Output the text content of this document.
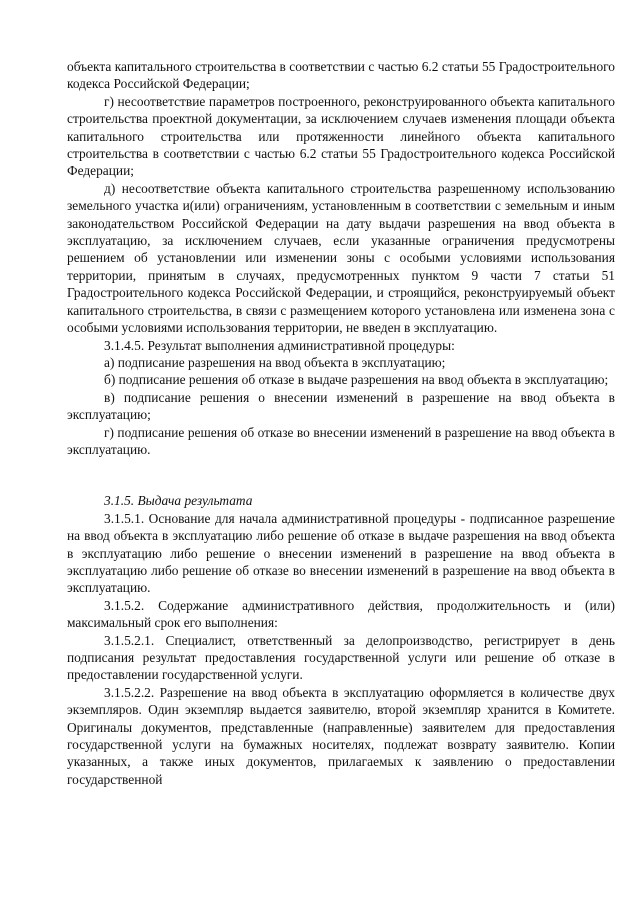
объекта капитального строительства в соответствии с частью 6.2 статьи 55 Градостроительного кодекса Российской Федерации;

г) несоответствие параметров построенного, реконструированного объекта капитального строительства проектной документации, за исключением случаев изменения площади объекта капитального строительства или протяженности линейного объекта капитального строительства в соответствии с частью 6.2 статьи 55 Градостроительного кодекса Российской Федерации;

д) несоответствие объекта капитального строительства разрешенному использованию земельного участка и(или) ограничениям, установленным в соответствии с земельным и иным законодательством Российской Федерации на дату выдачи разрешения на ввод объекта в эксплуатацию, за исключением случаев, если указанные ограничения предусмотрены решением об установлении или изменении зоны с особыми условиями использования территории, принятым в случаях, предусмотренных пунктом 9 части 7 статьи 51 Градостроительного кодекса Российской Федерации, и строящийся, реконструируемый объект капитального строительства, в связи с размещением которого установлена или изменена зона с особыми условиями использования территории, не введен в эксплуатацию.

3.1.4.5. Результат выполнения административной процедуры:

а) подписание разрешения на ввод объекта в эксплуатацию;

б) подписание решения об отказе в выдаче разрешения на ввод объекта в эксплуатацию;

в) подписание решения о внесении изменений в разрешение на ввод объекта в эксплуатацию;

г) подписание решения об отказе во внесении изменений в разрешение на ввод объекта в эксплуатацию.

3.1.5. Выдача результата

3.1.5.1. Основание для начала административной процедуры - подписанное разрешение на ввод объекта в эксплуатацию либо решение об отказе в выдаче разрешения на ввод объекта в эксплуатацию либо решение о внесении изменений в разрешение на ввод объекта в эксплуатацию либо решение об отказе во внесении изменений в разрешение на ввод объекта в эксплуатацию.

3.1.5.2. Содержание административного действия, продолжительность и (или) максимальный срок его выполнения:

3.1.5.2.1. Специалист, ответственный за делопроизводство, регистрирует в день подписания результат предоставления государственной услуги или решение об отказе в предоставлении государственной услуги.

3.1.5.2.2. Разрешение на ввод объекта в эксплуатацию оформляется в количестве двух экземпляров. Один экземпляр выдается заявителю, второй экземпляр хранится в Комитете. Оригиналы документов, представленные (направленные) заявителем для предоставления государственной услуги на бумажных носителях, подлежат возврату заявителю. Копии указанных, а также иных документов, прилагаемых к заявлению о предоставлении государственной
